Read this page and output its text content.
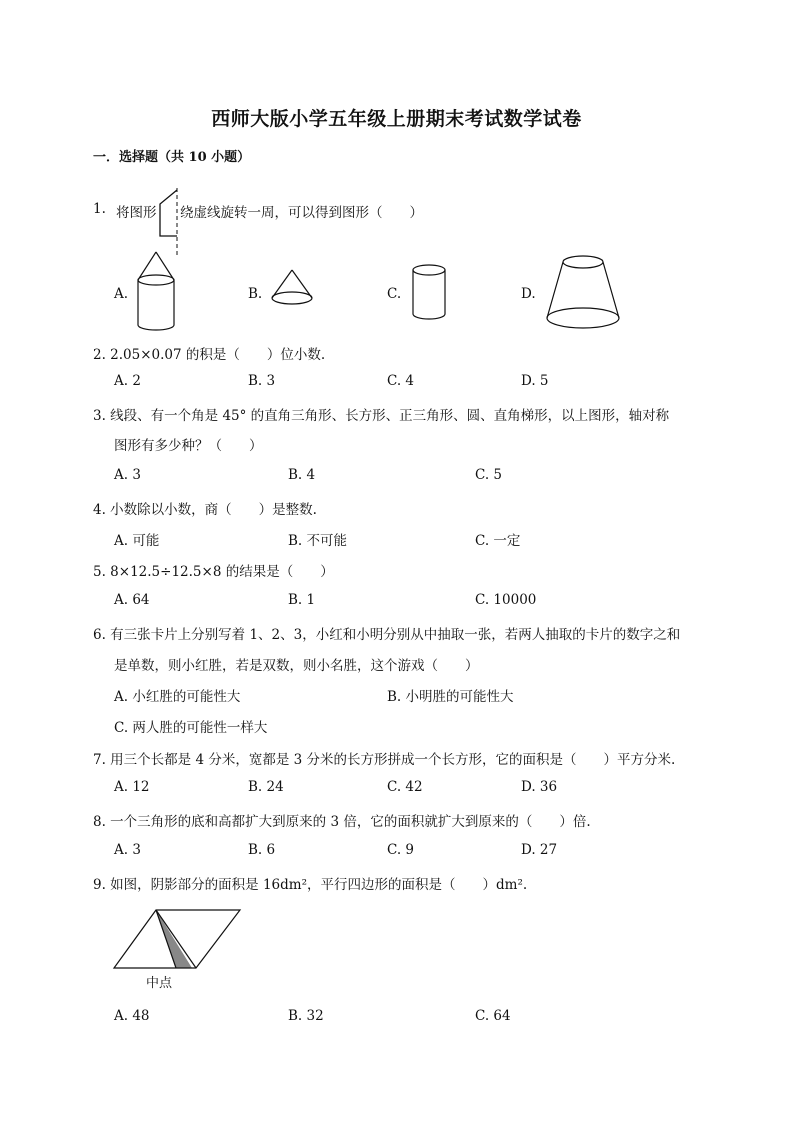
西师大版小学五年级上册期末考试数学试卷
一．选择题（共 10 小题）
1. 将图形 绕虚线旋转一周，可以得到图形（　　）
A.	B.	C.	D.
2. 2.05×0.07 的积是（　　）位小数.
A. 2	B. 3	C. 4	D. 5
3. 线段、有一个角是 45° 的直角三角形、长方形、正三角形、圆、直角梯形，以上图形，轴对称
图形有多少种？（　　）
A. 3	B. 4	C. 5
4. 小数除以小数，商（　　）是整数.
A. 可能	B. 不可能	C. 一定
5. 8×12.5÷12.5×8 的结果是（　　）
A. 64	B. 1	C. 10000
6. 有三张卡片上分别写着 1、2、3，小红和小明分别从中抽取一张，若两人抽取的卡片的数字之和
是单数，则小红胜，若是双数，则小名胜，这个游戏（　　）
A. 小红胜的可能性大	B. 小明胜的可能性大
C. 两人胜的可能性一样大
7. 用三个长都是 4 分米，宽都是 3 分米的长方形拼成一个长方形，它的面积是（　　）平方分米.
A. 12	B. 24	C. 42	D. 36
8. 一个三角形的底和高都扩大到原来的 3 倍，它的面积就扩大到原来的（　　）倍.
A. 3	B. 6	C. 9	D. 27
9. 如图，阴影部分的面积是 16dm²，平行四边形的面积是（　　）dm².
中点
A. 48	B. 32	C. 64
